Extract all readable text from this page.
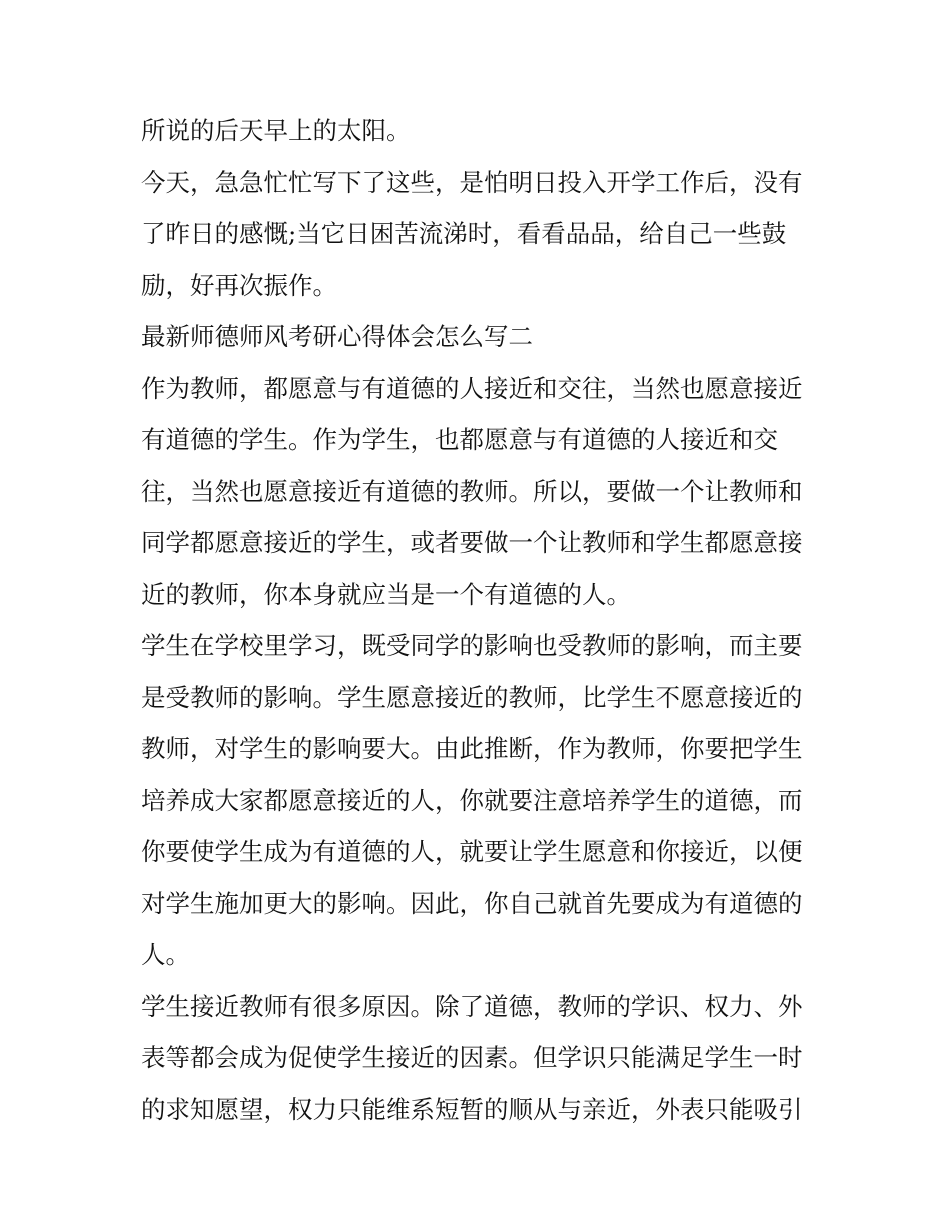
所说的后天早上的太阳。
今天，急急忙忙写下了这些，是怕明日投入开学工作后，没有
了昨日的感慨;当它日困苦流涕时，看看品品，给自己一些鼓
励，好再次振作。
最新师德师风考研心得体会怎么写二
作为教师，都愿意与有道德的人接近和交往，当然也愿意接近
有道德的学生。作为学生，也都愿意与有道德的人接近和交
往，当然也愿意接近有道德的教师。所以，要做一个让教师和
同学都愿意接近的学生，或者要做一个让教师和学生都愿意接
近的教师，你本身就应当是一个有道德的人。
学生在学校里学习，既受同学的影响也受教师的影响，而主要
是受教师的影响。学生愿意接近的教师，比学生不愿意接近的
教师，对学生的影响要大。由此推断，作为教师，你要把学生
培养成大家都愿意接近的人，你就要注意培养学生的道德，而
你要使学生成为有道德的人，就要让学生愿意和你接近，以便
对学生施加更大的影响。因此，你自己就首先要成为有道德的
人。
学生接近教师有很多原因。除了道德，教师的学识、权力、外
表等都会成为促使学生接近的因素。但学识只能满足学生一时
的求知愿望，权力只能维系短暂的顺从与亲近，外表只能吸引
